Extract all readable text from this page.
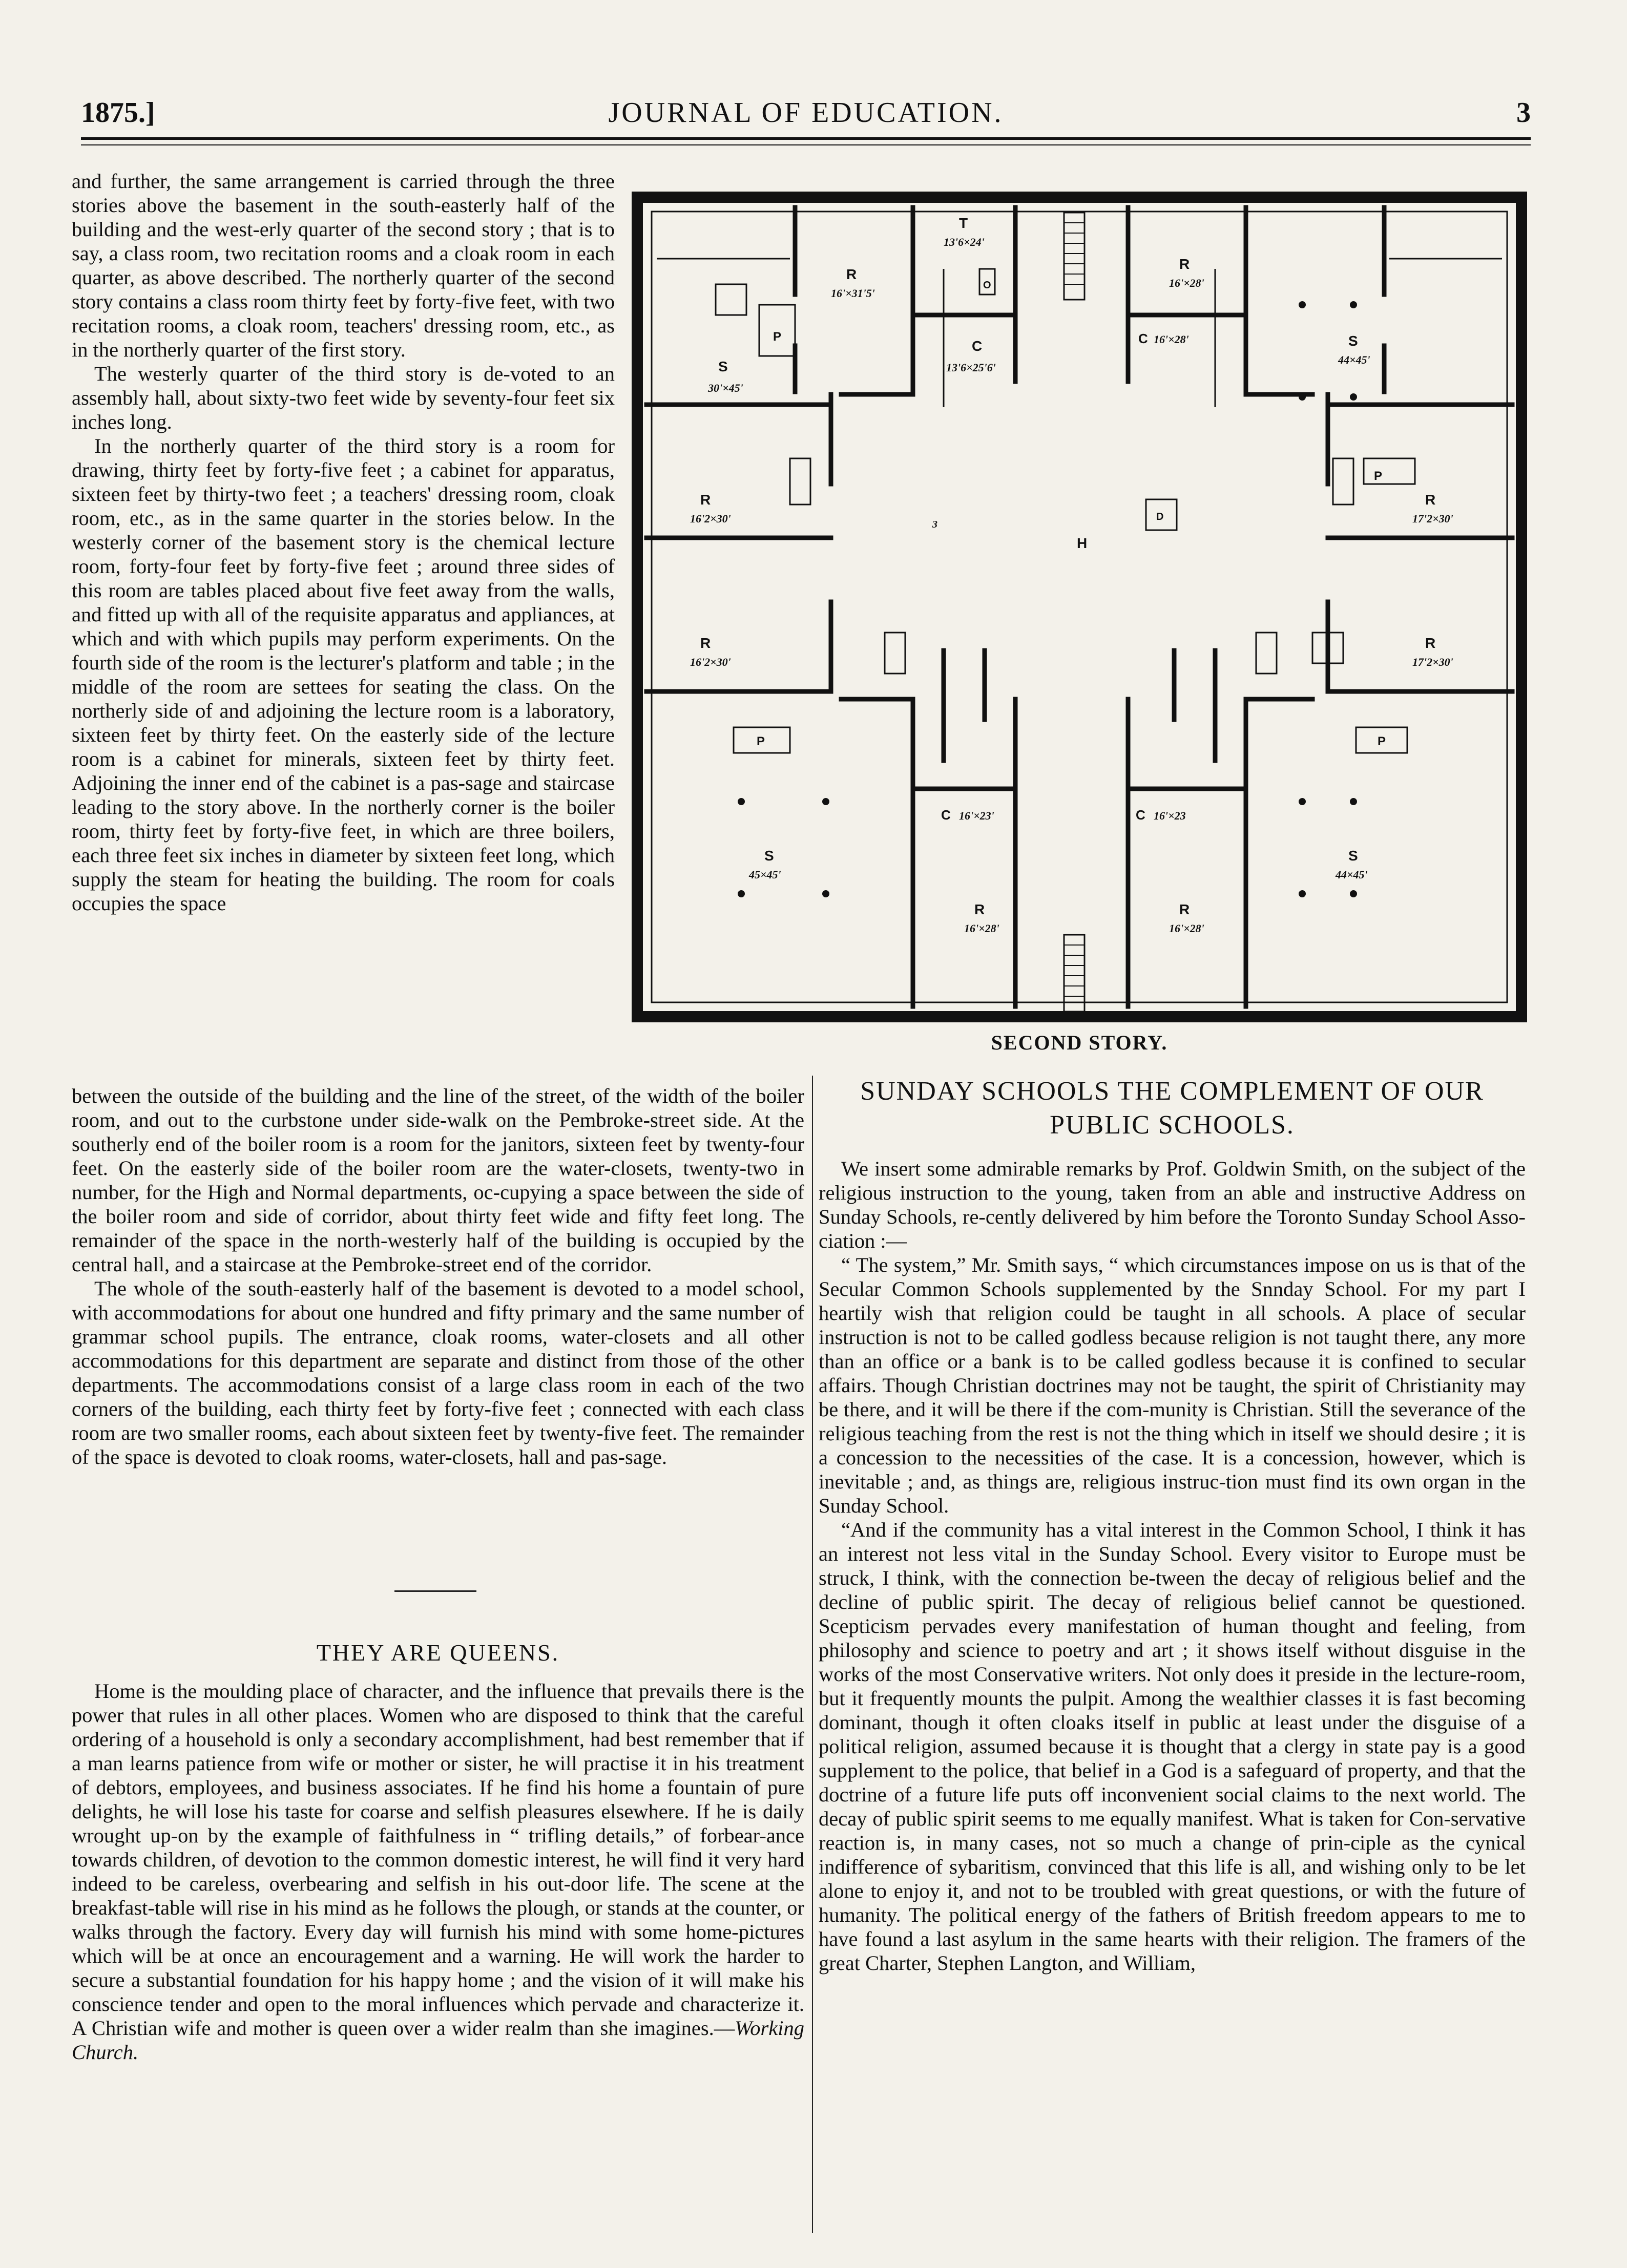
1875.]	JOURNAL OF EDUCATION.	3

and further, the same arrangement is carried through the three stories above the basement in the south-easterly half of the building and the west-erly quarter of the second story ; that is to say, a class room, two recitation rooms and a cloak room in each quarter, as above described. The northerly quarter of the second story contains a class room thirty feet by forty-five feet, with two recitation rooms, a cloak room, teachers' dressing room, etc., as in the northerly quarter of the first story.

The westerly quarter of the third story is de-voted to an assembly hall, about sixty-two feet wide by seventy-four feet six inches long.

In the northerly quarter of the third story is a room for drawing, thirty feet by forty-five feet ; a cabinet for apparatus, sixteen feet by thirty-two feet ; a teachers' dressing room, cloak room, etc., as in the same quarter in the stories below. In the westerly corner of the basement story is the chemical lecture room, forty-four feet by forty-five feet ; around three sides of this room are tables placed about five feet away from the walls, and fitted up with all of the requisite apparatus and appliances, at which and with which pupils may perform experiments. On the fourth side of the room is the lecturer's platform and table ; in the middle of the room are settees for seating the class. On the northerly side of and adjoining the lecture room is a laboratory, sixteen feet by thirty feet. On the easterly side of the lecture room is a cabinet for minerals, sixteen feet by thirty feet. Adjoining the inner end of the cabinet is a pas-sage and staircase leading to the story above. In the northerly corner is the boiler room, thirty feet by forty-five feet, in which are three boilers, each three feet six inches in diameter by sixteen feet long, which supply the steam for heating the building. The room for coals occupies the space

S
30'×45'
P
R
16'×31'5'
T
13'6×24'
R
16'×28'
S
44×45'
C 16'×28'
C
13'6×25'6'
P
R
16'2×30'
R
17'2×30'
H
R
16'2×30'
R
17'2×30'
P	P
C 16'×23'	C 16'×23
S
45×45'
S
44×45'
R
16'×28'
R
16'×28'
O
D
3
SECOND STORY.

between the outside of the building and the line of the street, of the width of the boiler room, and out to the curbstone under side-walk on the Pembroke-street side. At the southerly end of the boiler room is a room for the janitors, sixteen feet by twenty-four feet. On the easterly side of the boiler room are the water-closets, twenty-two in number, for the High and Normal departments, oc-cupying a space between the side of the boiler room and side of corridor, about thirty feet wide and fifty feet long. The remainder of the space in the north-westerly half of the building is occupied by the central hall, and a staircase at the Pembroke-street end of the corridor.

The whole of the south-easterly half of the basement is devoted to a model school, with accommodations for about one hundred and fifty primary and the same number of grammar school pupils. The entrance, cloak rooms, water-closets and all other accommodations for this department are separate and distinct from those of the other departments. The accommodations consist of a large class room in each of the two corners of the building, each thirty feet by forty-five feet ; connected with each class room are two smaller rooms, each about sixteen feet by twenty-five feet. The remainder of the space is devoted to cloak rooms, water-closets, hall and pas-sage.

THEY ARE QUEENS.

Home is the moulding place of character, and the influence that prevails there is the power that rules in all other places. Women who are disposed to think that the careful ordering of a household is only a secondary accomplishment, had best remember that if a man learns patience from wife or mother or sister, he will practise it in his treatment of debtors, employees, and business associates. If he find his home a fountain of pure delights, he will lose his taste for coarse and selfish pleasures elsewhere. If he is daily wrought up-on by the example of faithfulness in “ trifling details,” of forbear-ance towards children, of devotion to the common domestic interest, he will find it very hard indeed to be careless, overbearing and selfish in his out-door life. The scene at the breakfast-table will rise in his mind as he follows the plough, or stands at the counter, or walks through the factory. Every day will furnish his mind with some home-pictures which will be at once an encouragement and a warning. He will work the harder to secure a substantial foundation for his happy home ; and the vision of it will make his conscience tender and open to the moral influences which pervade and characterize it. A Christian wife and mother is queen over a wider realm than she imagines.—Working Church.

SUNDAY SCHOOLS THE COMPLEMENT OF OUR

PUBLIC SCHOOLS.

We insert some admirable remarks by Prof. Goldwin Smith, on the subject of the religious instruction to the young, taken from an able and instructive Address on Sunday Schools, re-cently delivered by him before the Toronto Sunday School Asso-ciation :—

“ The system,” Mr. Smith says, “ which circumstances impose on us is that of the Secular Common Schools supplemented by the Snnday School. For my part I heartily wish that religion could be taught in all schools. A place of secular instruction is not to be called godless because religion is not taught there, any more than an office or a bank is to be called godless because it is confined to secular affairs. Though Christian doctrines may not be taught, the spirit of Christianity may be there, and it will be there if the com-munity is Christian. Still the severance of the religious teaching from the rest is not the thing which in itself we should desire ; it is a concession to the necessities of the case. It is a concession, however, which is inevitable ; and, as things are, religious instruc-tion must find its own organ in the Sunday School.

“And if the community has a vital interest in the Common School, I think it has an interest not less vital in the Sunday School. Every visitor to Europe must be struck, I think, with the connection be-tween the decay of religious belief and the decline of public spirit. The decay of religious belief cannot be questioned. Scepticism pervades every manifestation of human thought and feeling, from philosophy and science to poetry and art ; it shows itself without disguise in the works of the most Conservative writers. Not only does it preside in the lecture-room, but it frequently mounts the pulpit. Among the wealthier classes it is fast becoming dominant, though it often cloaks itself in public at least under the disguise of a political religion, assumed because it is thought that a clergy in state pay is a good supplement to the police, that belief in a God is a safeguard of property, and that the doctrine of a future life puts off inconvenient social claims to the next world. The decay of public spirit seems to me equally manifest. What is taken for Con-servative reaction is, in many cases, not so much a change of prin-ciple as the cynical indifference of sybaritism, convinced that this life is all, and wishing only to be let alone to enjoy it, and not to be troubled with great questions, or with the future of humanity. The political energy of the fathers of British freedom appears to me to have found a last asylum in the same hearts with their religion. The framers of the great Charter, Stephen Langton, and William,
